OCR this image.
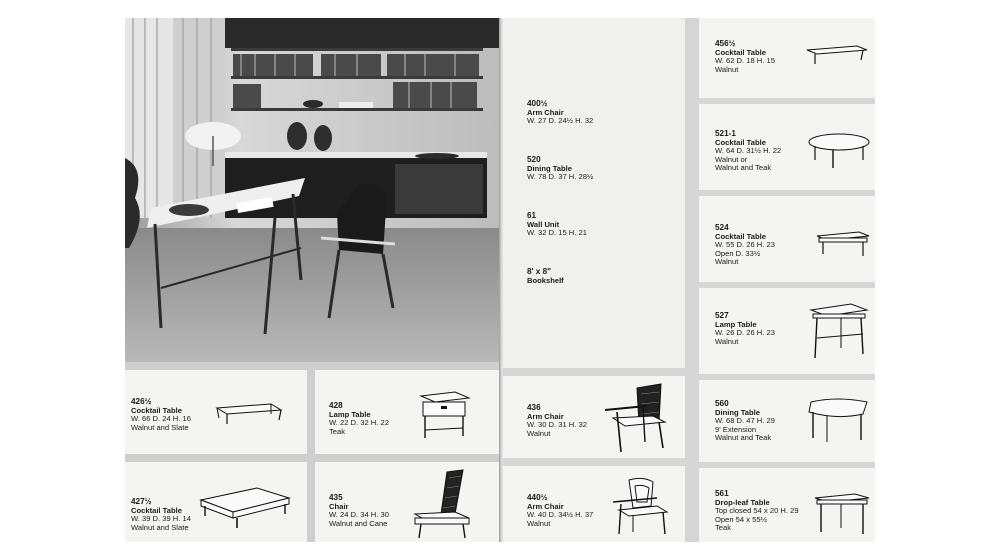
426½
Cocktail Table
W. 66 D. 24 H. 16
Walnut and Slate
428
Lamp Table
W. 22 D. 32 H. 22
Teak
427½
Cocktail Table
W. 39 D. 39 H. 14
Walnut and Slate
435
Chair
W. 24 D. 34 H. 30
Walnut and Cane
400½
Arm Chair
W. 27 D. 24½ H. 32
520
Dining Table
W. 78 D. 37 H. 28½
61
Wall Unit
W. 32 D. 15 H. 21
8' x 8"
Bookshelf
436
Arm Chair
W. 30 D. 31 H. 32
Walnut
440½
Arm Chair
W. 40 D. 34½ H. 37
Walnut
456½
Cocktail Table
W. 62 D. 18 H. 15
Walnut
521-1
Cocktail Table
W. 64 D. 31½ H. 22
Walnut or
Walnut and Teak
524
Cocktail Table
W. 55 D. 26 H. 23
Open D. 33½
Walnut
527
Lamp Table
W. 26 D. 26 H. 23
Walnut
560
Dining Table
W. 68 D. 47 H. 29
9' Extension
Walnut and Teak
561
Drop-leaf Table
Top closed 54 x 20 H. 29
Open 54 x 55½
Teak
